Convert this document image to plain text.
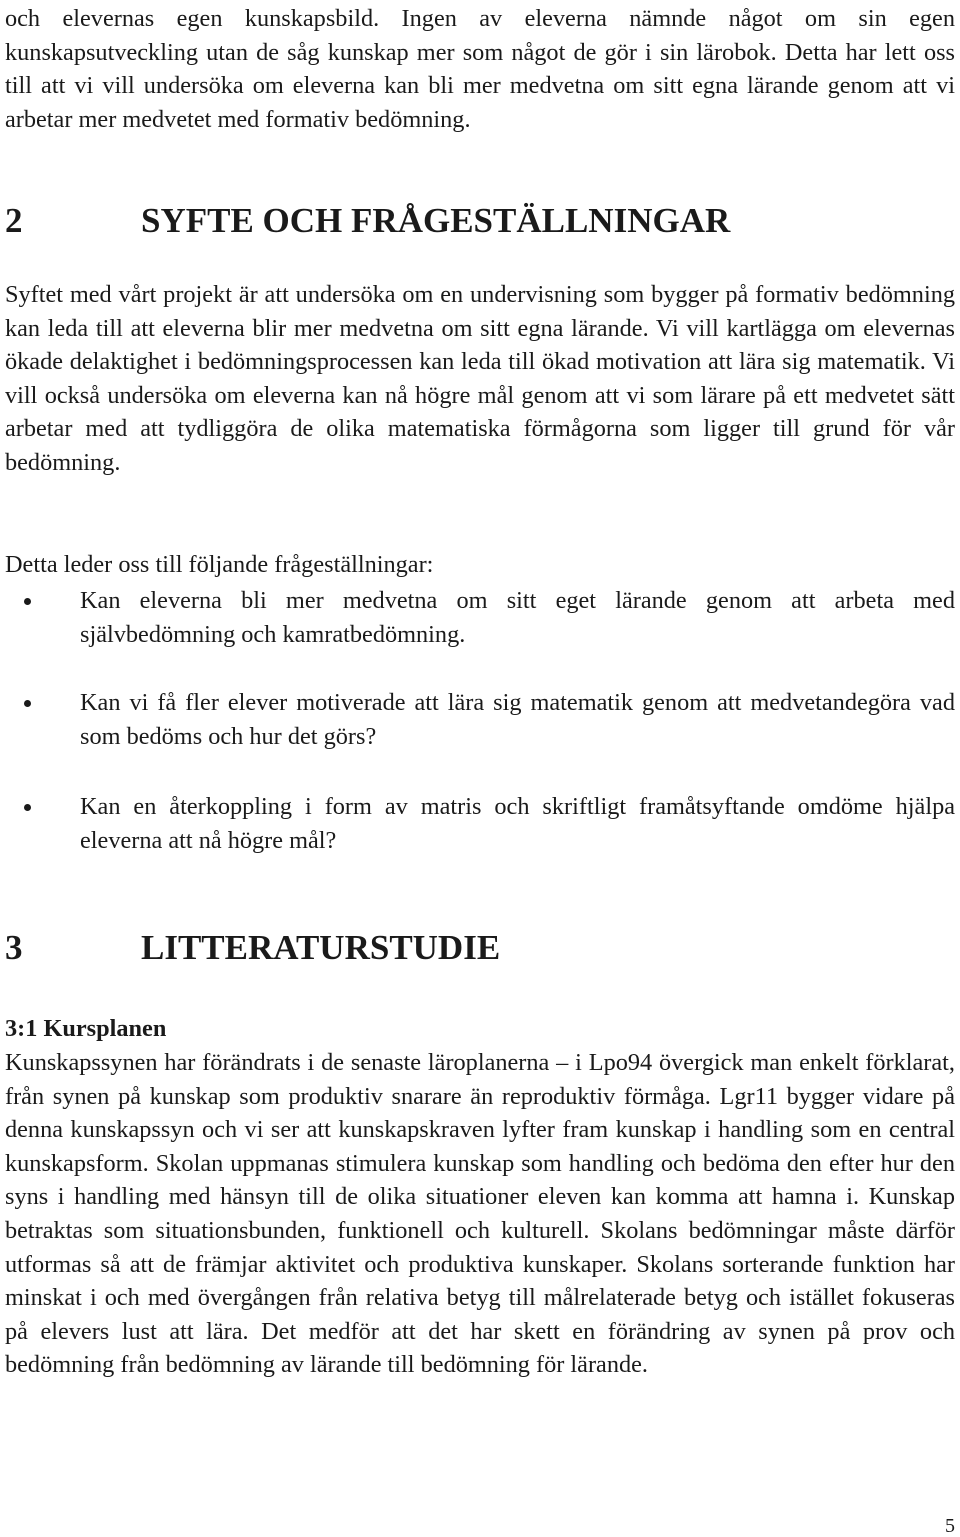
och elevernas egen kunskapsbild. Ingen av eleverna nämnde något om sin egen kunskapsutveckling utan de såg kunskap mer som något de gör i sin lärobok. Detta har lett oss till att vi vill undersöka om eleverna kan bli mer medvetna om sitt egna lärande genom att vi arbetar mer medvetet med formativ bedömning.

2	SYFTE OCH FRÅGESTÄLLNINGAR

Syftet med vårt projekt är att undersöka om en undervisning som bygger på formativ bedömning kan leda till att eleverna blir mer medvetna om sitt egna lärande. Vi vill kartlägga om elevernas ökade delaktighet i bedömningsprocessen kan leda till ökad motivation att lära sig matematik. Vi vill också undersöka om eleverna kan nå högre mål genom att vi som lärare på ett medvetet sätt arbetar med att tydliggöra de olika matematiska förmågorna som ligger till grund för vår bedömning.

Detta leder oss till följande frågeställningar:

Kan eleverna bli mer medvetna om sitt eget lärande genom att arbeta med självbedömning och kamratbedömning.
Kan vi få fler elever motiverade att lära sig matematik genom att medvetandegöra vad som bedöms och hur det görs?
Kan en återkoppling i form av matris och skriftligt framåtsyftande omdöme hjälpa eleverna att nå högre mål?
3	LITTERATURSTUDIE
3:1 Kursplanen

Kunskapssynen har förändrats i de senaste läroplanerna – i Lpo94 övergick man enkelt förklarat, från synen på kunskap som produktiv snarare än reproduktiv förmåga. Lgr11 bygger vidare på denna kunskapssyn och vi ser att kunskapskraven lyfter fram kunskap i handling som en central kunskapsform. Skolan uppmanas stimulera kunskap som handling och bedöma den efter hur den syns i handling med hänsyn till de olika situationer eleven kan komma att hamna i. Kunskap betraktas som situationsbunden, funktionell och kulturell. Skolans bedömningar måste därför utformas så att de främjar aktivitet och produktiva kunskaper. Skolans sorterande funktion har minskat i och med övergången från relativa betyg till målrelaterade betyg och istället fokuseras på elevers lust att lära. Det medför att det har skett en förändring av synen på prov och bedömning från bedömning av lärande till bedömning för lärande.

5
